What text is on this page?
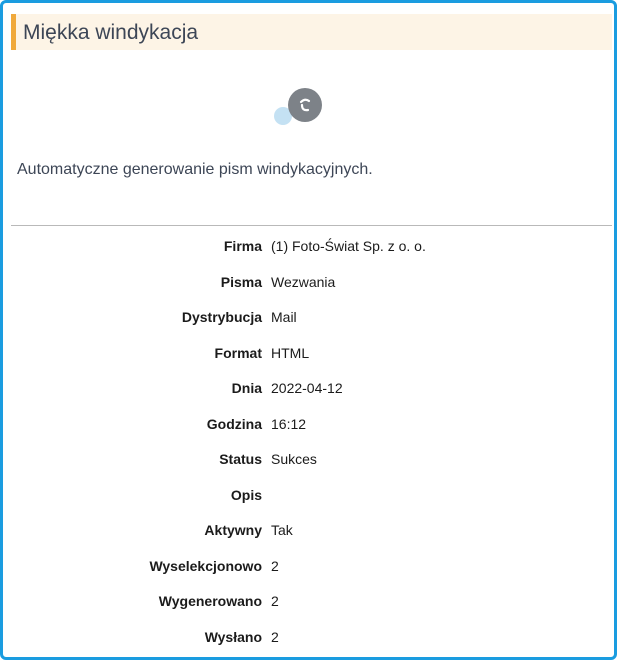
Miękka windykacja
Automatyczne generowanie pism windykacyjnych.
Firma (1) Foto-Świat Sp. z o. o.
Pisma Wezwania
Dystrybucja Mail
Format HTML
Dnia 2022-04-12
Godzina 16:12
Status Sukces
Opis
Aktywny Tak
Wyselekcjonowo 2
Wygenerowano 2
Wysłano 2
